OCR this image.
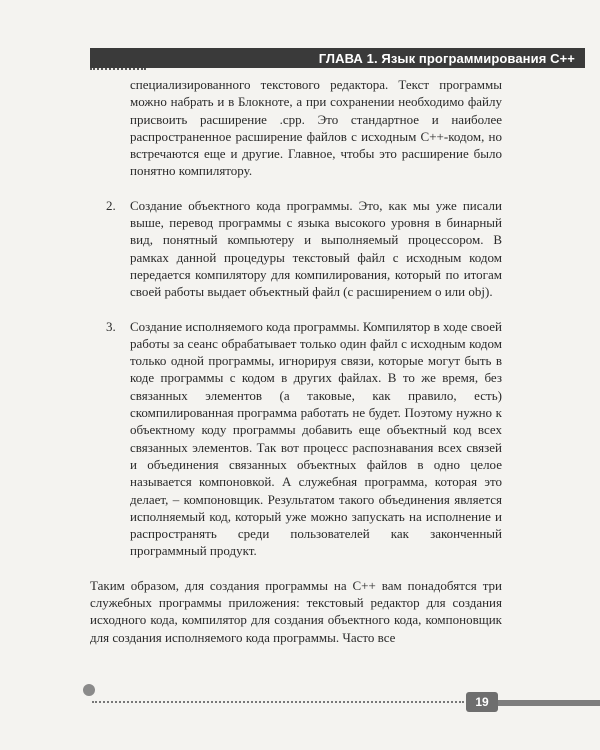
ГЛАВА 1. Язык программирования C++

специализированного текстового редактора. Текст программы можно набрать и в Блокноте, а при сохранении необходимо файлу присвоить расширение .cpp. Это стандартное и наиболее распространенное расширение файлов с исходным C++-кодом, но встречаются еще и другие. Главное, чтобы это расширение было понятно компилятору.

2.	Создание объектного кода программы. Это, как мы уже писали выше, перевод программы с языка высокого уровня в бинарный вид, понятный компьютеру и выполняемый процессором. В рамках данной процедуры текстовый файл с исходным кодом передается компилятору для компилирования, который по итогам своей работы выдает объектный файл (с расширением o или obj).

3.	Создание исполняемого кода программы. Компилятор в ходе своей работы за сеанс обрабатывает только один файл с исходным кодом только одной программы, игнорируя связи, которые могут быть в коде программы с кодом в других файлах. В то же время, без связанных элементов (а таковые, как правило, есть) скомпилированная программа работать не будет. Поэтому нужно к объектному коду программы добавить еще объектный код всех связанных элементов. Так вот процесс распознавания всех связей и объединения связанных объектных файлов в одно целое называется компоновкой. А служебная программа, которая это делает, – компоновщик. Результатом такого объединения является исполняемый код, который уже можно запускать на исполнение и распространять среди пользователей как законченный программный продукт.

Таким образом, для создания программы на C++ вам понадобятся три служебных программы приложения: текстовый редактор для создания исходного кода, компилятор для создания объектного кода, компоновщик для создания исполняемого кода программы. Часто все

19
